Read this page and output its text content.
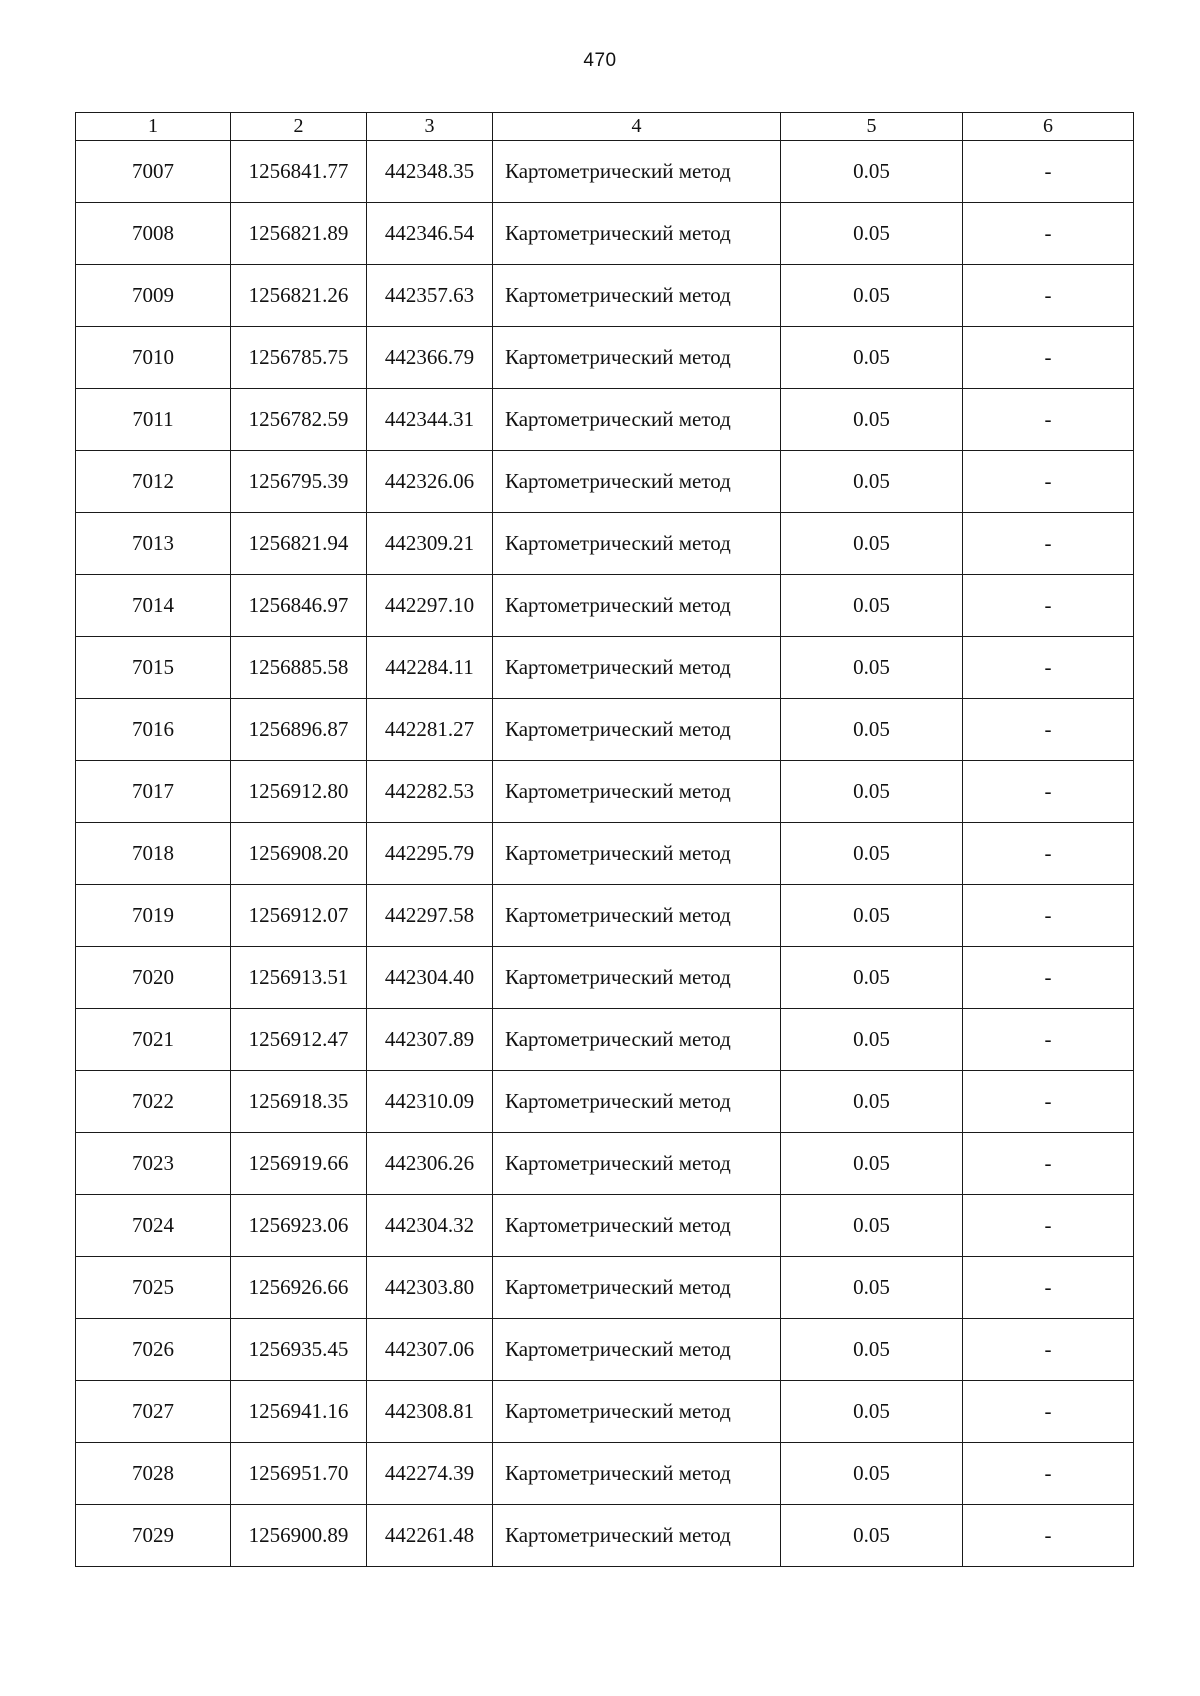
470
1	2	3	4	5	6
7007	1256841.77	442348.35	Картометрический метод	0.05	-
7008	1256821.89	442346.54	Картометрический метод	0.05	-
7009	1256821.26	442357.63	Картометрический метод	0.05	-
7010	1256785.75	442366.79	Картометрический метод	0.05	-
7011	1256782.59	442344.31	Картометрический метод	0.05	-
7012	1256795.39	442326.06	Картометрический метод	0.05	-
7013	1256821.94	442309.21	Картометрический метод	0.05	-
7014	1256846.97	442297.10	Картометрический метод	0.05	-
7015	1256885.58	442284.11	Картометрический метод	0.05	-
7016	1256896.87	442281.27	Картометрический метод	0.05	-
7017	1256912.80	442282.53	Картометрический метод	0.05	-
7018	1256908.20	442295.79	Картометрический метод	0.05	-
7019	1256912.07	442297.58	Картометрический метод	0.05	-
7020	1256913.51	442304.40	Картометрический метод	0.05	-
7021	1256912.47	442307.89	Картометрический метод	0.05	-
7022	1256918.35	442310.09	Картометрический метод	0.05	-
7023	1256919.66	442306.26	Картометрический метод	0.05	-
7024	1256923.06	442304.32	Картометрический метод	0.05	-
7025	1256926.66	442303.80	Картометрический метод	0.05	-
7026	1256935.45	442307.06	Картометрический метод	0.05	-
7027	1256941.16	442308.81	Картометрический метод	0.05	-
7028	1256951.70	442274.39	Картометрический метод	0.05	-
7029	1256900.89	442261.48	Картометрический метод	0.05	-
